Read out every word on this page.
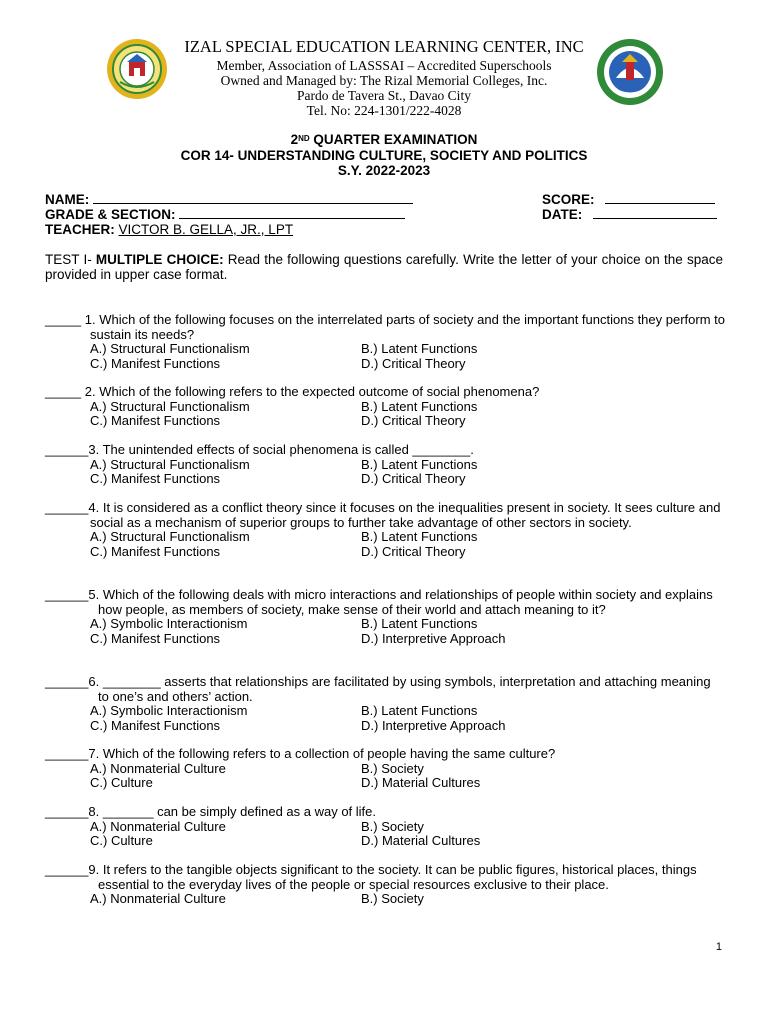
IZAL SPECIAL EDUCATION LEARNING CENTER, INC
Member, Association of LASSSAI – Accredited Superschools
Owned and Managed by: The Rizal Memorial Colleges, Inc.
Pardo de Tavera St., Davao City
Tel. No: 224-1301/222-4028
2ND QUARTER EXAMINATION
COR 14- UNDERSTANDING CULTURE, SOCIETY AND POLITICS
S.Y. 2022-2023
NAME:	SCORE:
GRADE & SECTION:	DATE:
TEACHER: VICTOR B. GELLA, JR., LPT
TEST I- MULTIPLE CHOICE: Read the following questions carefully. Write the letter of your choice on the space provided in upper case format.
_____ 1. Which of the following focuses on the interrelated parts of society and the important functions they perform to sustain its needs?
A.) Structural Functionalism	B.) Latent Functions
C.) Manifest Functions	D.) Critical Theory
_____ 2. Which of the following refers to the expected outcome of social phenomena?
A.) Structural Functionalism	B.) Latent Functions
C.) Manifest Functions	D.) Critical Theory
______3. The unintended effects of social phenomena is called ________.
A.) Structural Functionalism	B.) Latent Functions
C.) Manifest Functions	D.) Critical Theory
______4. It is considered as a conflict theory since it focuses on the inequalities present in society. It sees culture and social as a mechanism of superior groups to further take advantage of other sectors in society.
A.) Structural Functionalism	B.) Latent Functions
C.) Manifest Functions	D.) Critical Theory
______5. Which of the following deals with micro interactions and relationships of people within society and explains how people, as members of society, make sense of their world and attach meaning to it?
A.) Symbolic Interactionism	B.) Latent Functions
C.) Manifest Functions	D.) Interpretive Approach
______6. ________ asserts that relationships are facilitated by using symbols, interpretation and attaching meaning to one’s and others’ action.
A.) Symbolic Interactionism	B.) Latent Functions
C.) Manifest Functions	D.) Interpretive Approach
______7. Which of the following refers to a collection of people having the same culture?
A.) Nonmaterial Culture	B.) Society
C.) Culture	D.) Material Cultures
______8. _______ can be simply defined as a way of life.
A.) Nonmaterial Culture	B.) Society
C.) Culture	D.) Material Cultures
______9. It refers to the tangible objects significant to the society. It can be public figures, historical places, things essential to the everyday lives of the people or special resources exclusive to their place.
A.) Nonmaterial Culture	B.) Society
1
